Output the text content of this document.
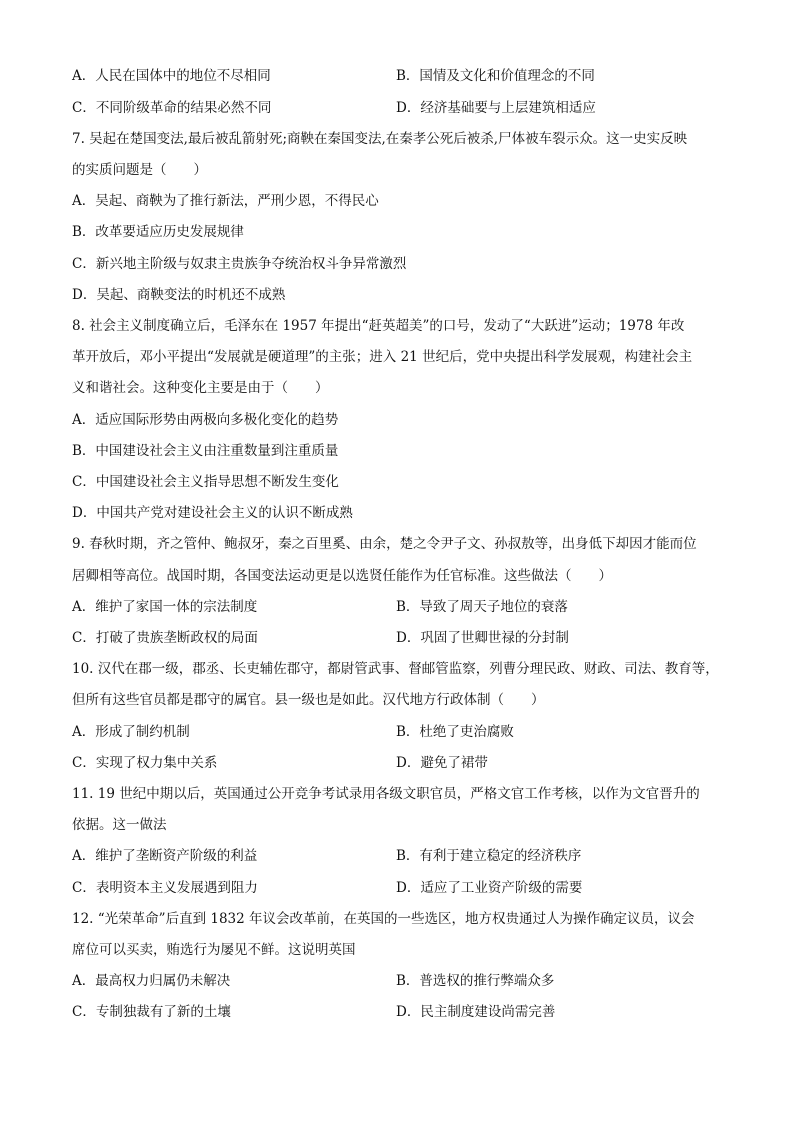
A．人民在国体中的地位不尽相同	B．国情及文化和价值理念的不同
C．不同阶级革命的结果必然不同	D．经济基础要与上层建筑相适应
7. 吴起在楚国变法,最后被乱箭射死;商鞅在秦国变法,在秦孝公死后被杀,尸体被车裂示众。这一史实反映
的实质问题是（　　）
A．吴起、商鞅为了推行新法，严刑少恩，不得民心
B．改革要适应历史发展规律
C．新兴地主阶级与奴隶主贵族争夺统治权斗争异常激烈
D．吴起、商鞅变法的时机还不成熟
8. 社会主义制度确立后，毛泽东在 1957 年提出“赶英超美”的口号，发动了“大跃进”运动；1978 年改
革开放后，邓小平提出“发展就是硬道理”的主张；进入 21 世纪后，党中央提出科学发展观，构建社会主
义和谐社会。这种变化主要是由于（　　）
A．适应国际形势由两极向多极化变化的趋势
B．中国建设社会主义由注重数量到注重质量
C．中国建设社会主义指导思想不断发生变化
D．中国共产党对建设社会主义的认识不断成熟
9. 春秋时期，齐之管仲、鲍叔牙，秦之百里奚、由余，楚之令尹子文、孙叔敖等，出身低下却因才能而位
居卿相等高位。战国时期，各国变法运动更是以选贤任能作为任官标准。这些做法（　　）
A．维护了家国一体的宗法制度	B．导致了周天子地位的衰落
C．打破了贵族垄断政权的局面	D．巩固了世卿世禄的分封制
10. 汉代在郡一级，郡丞、长吏辅佐郡守，都尉管武事、督邮管监察，列曹分理民政、财政、司法、教育等，
但所有这些官员都是郡守的属官。县一级也是如此。汉代地方行政体制（　　）
A．形成了制约机制	B．杜绝了吏治腐败
C．实现了权力集中关系	D．避免了裙带
11. 19 世纪中期以后，英国通过公开竞争考试录用各级文职官员，严格文官工作考核，以作为文官晋升的
依据。这一做法
A．维护了垄断资产阶级的利益	B．有利于建立稳定的经济秩序
C．表明资本主义发展遇到阻力	D．适应了工业资产阶级的需要
12. “光荣革命”后直到 1832 年议会改革前，在英国的一些选区，地方权贵通过人为操作确定议员，议会
席位可以买卖，贿选行为屡见不鲜。这说明英国
A．最高权力归属仍未解决	B．普选权的推行弊端众多
C．专制独裁有了新的土壤	D．民主制度建设尚需完善
